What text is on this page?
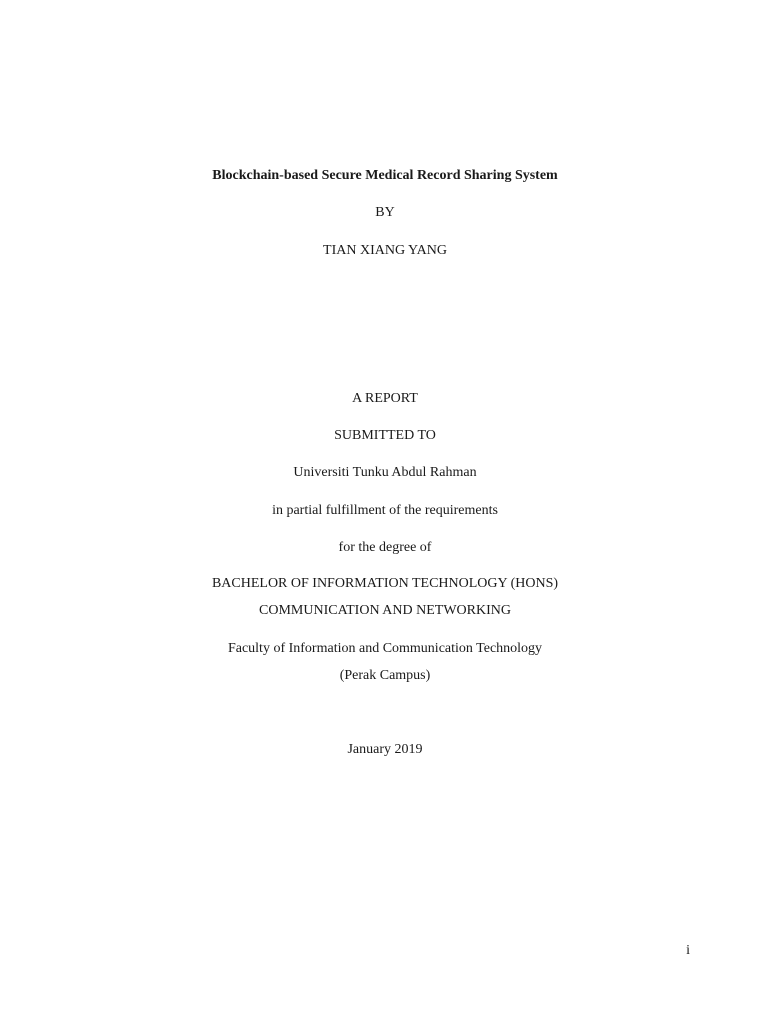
Blockchain-based Secure Medical Record Sharing System
BY
TIAN XIANG YANG
A REPORT
SUBMITTED TO
Universiti Tunku Abdul Rahman
in partial fulfillment of the requirements
for the degree of
BACHELOR OF INFORMATION TECHNOLOGY (HONS)
COMMUNICATION AND NETWORKING
Faculty of Information and Communication Technology
(Perak Campus)
January 2019
i
